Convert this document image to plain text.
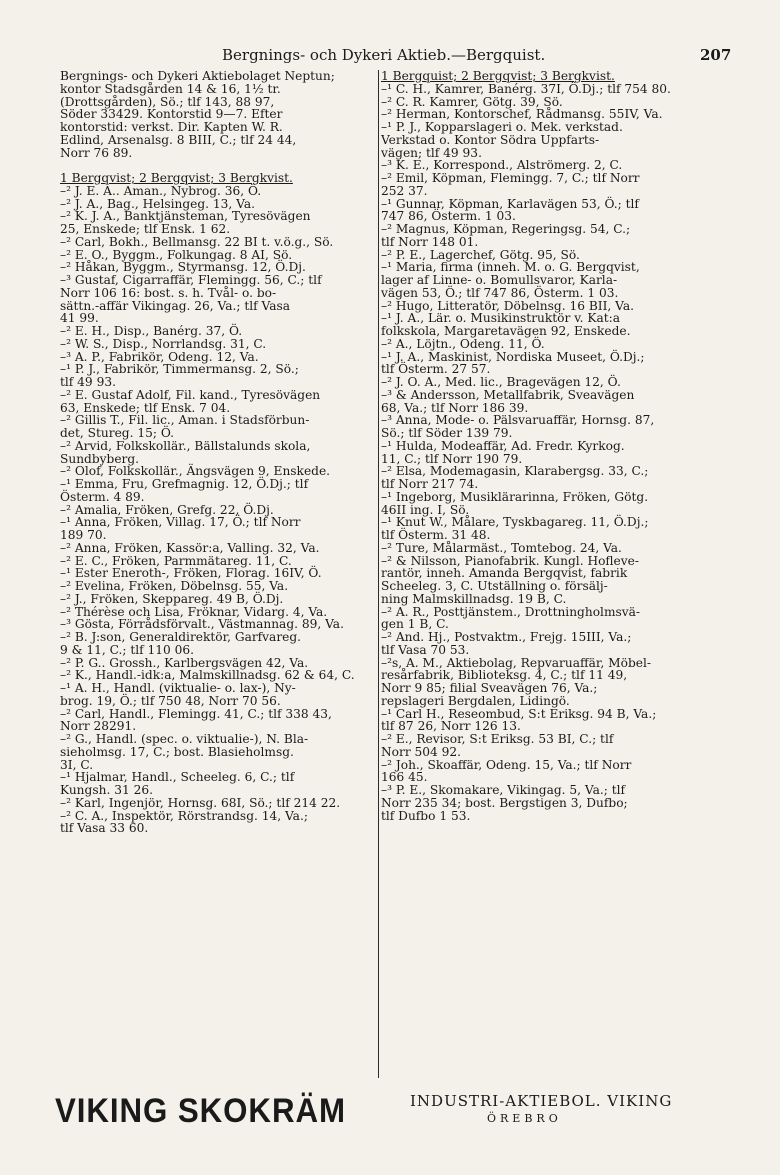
Bergnings- och Dykeri Aktieb.—Bergquist.	207
Bergnings- och Dykeri Aktiebolaget Neptun;
kontor Stadsgården 14 & 16, 1½ tr.
(Drottsgården), Sö.; tlf 143, 88 97,
Söder 33429. Kontorstid 9—7. Efter
kontorstid: verkst. Dir. Kapten W. R.
Edlind, Arsenalsg. 8 BIII, C.; tlf 24 44,
Norr 76 89.

1 Bergqvist; 2 Bergqvist; 3 Bergkvist.
–² J. E. A.. Aman., Nybrog. 36, Ö.
–² J. A., Bag., Helsingeg. 13, Va.
–² K. J. A., Banktjänsteman, Tyresövägen
25, Enskede; tlf Ensk. 1 62.
–² Carl, Bokh., Bellmansg. 22 BI t. v.ö.g., Sö.
–² E. O., Byggm., Folkungag. 8 AI, Sö.
–² Håkan, Byggm., Styrmansg. 12, Ö.Dj.
–³ Gustaf, Cigarraffär, Flemingg. 56, C.; tlf
Norr 106 16: bost. s. h. Tvål- o. bo-
sättn.-affär Vikingag. 26, Va.; tlf Vasa
41 99.
–² E. H., Disp., Banérg. 37, Ö.
–² W. S., Disp., Norrlandsg. 31, C.
–³ A. P., Fabrikör, Odeng. 12, Va.
–¹ P. J., Fabrikör, Timmermansg. 2, Sö.;
tlf 49 93.
–² E. Gustaf Adolf, Fil. kand., Tyresövägen
63, Enskede; tlf Ensk. 7 04.
–² Gillis T., Fil. lic., Aman. i Stadsförbun-
det, Stureg. 15; Ö.
–² Arvid, Folkskollär., Bällstalunds skola,
Sundbyberg.
–² Olof, Folkskollär., Ängsvägen 9, Enskede.
–¹ Emma, Fru, Grefmagnig. 12, Ö.Dj.; tlf
Österm. 4 89.
–² Amalia, Fröken, Grefg. 22, Ö.Dj.
–¹ Anna, Fröken, Villag. 17, Ö.; tlf Norr
189 70.
–² Anna, Fröken, Kassör:a, Valling. 32, Va.
–² E. C., Fröken, Parmmätareg. 11, C.
–¹ Ester Eneroth-, Fröken, Florag. 16IV, Ö.
–² Evelina, Fröken, Döbelnsg. 55, Va.
–² J., Fröken, Skeppareg. 49 B, Ö.Dj.
–² Thérèse och Lisa, Fröknar, Vidarg. 4, Va.
–³ Gösta, Förrådsförvalt., Västmannag. 89, Va.
–² B. J:son, Generaldirektör, Garfvareg.
9 & 11, C.; tlf 110 06.
–² P. G.. Grossh., Karlbergsvägen 42, Va.
–² K., Handl.-idk:a, Malmskillnadsg. 62 & 64, C.
–¹ A. H., Handl. (viktualie- o. lax-), Ny-
brog. 19, Ö.; tlf 750 48, Norr 70 56.
–² Carl, Handl., Flemingg. 41, C.; tlf 338 43,
Norr 28291.
–² G., Handl. (spec. o. viktualie-), N. Bla-
sieholmsg. 17, C.; bost. Blasieholmsg.
3I, C.
–¹ Hjalmar, Handl., Scheeleg. 6, C.; tlf
Kungsh. 31 26.
–² Karl, Ingenjör, Hornsg. 68I, Sö.; tlf 214 22.
–² C. A., Inspektör, Rörstrandsg. 14, Va.;
tlf Vasa 33 60.
1 Bergquist; 2 Bergqvist; 3 Bergkvist.
–¹ C. H., Kamrer, Banérg. 37I, Ö.Dj.; tlf 754 80.
–² C. R. Kamrer, Götg. 39, Sö.
–² Herman, Kontorschef, Rådmansg. 55IV, Va.
–¹ P. J., Kopparslageri o. Mek. verkstad.
Verkstad o. Kontor Södra Uppfarts-
vägen; tlf 49 93.
–³ K. E., Korrespond., Alströmerg. 2, C.
–² Emil, Köpman, Flemingg. 7, C.; tlf Norr
252 37.
–¹ Gunnar, Köpman, Karlavägen 53, Ö.; tlf
747 86, Österm. 1 03.
–² Magnus, Köpman, Regeringsg. 54, C.;
tlf Norr 148 01.
–² P. E., Lagerchef, Götg. 95, Sö.
–¹ Maria, firma (inneh. M. o. G. Bergqvist,
lager af Linne- o. Bomullsvaror, Karla-
vägen 53, Ö.; tlf 747 86, Österm. 1 03.
–² Hugo, Litteratör, Döbelnsg. 16 BII, Va.
–¹ J. A., Lär. o. Musikinstruktör v. Kat:a
folkskola, Margaretavägen 92, Enskede.
–² A., Löjtn., Odeng. 11, Ö.
–¹ J. A., Maskinist, Nordiska Museet, Ö.Dj.;
tlf Österm. 27 57.
–² J. O. A., Med. lic., Bragevägen 12, Ö.
–³ & Andersson, Metallfabrik, Sveavägen
68, Va.; tlf Norr 186 39.
–³ Anna, Mode- o. Pälsvaruaffär, Hornsg. 87,
Sö.; tlf Söder 139 79.
–¹ Hulda, Modeaffär, Ad. Fredr. Kyrkog.
11, C.; tlf Norr 190 79.
–² Elsa, Modemagasin, Klarabergsg. 33, C.;
tlf Norr 217 74.
–¹ Ingeborg, Musiklärarinna, Fröken, Götg.
46II ing. I, Sö.
–¹ Knut W., Målare, Tyskbagareg. 11, Ö.Dj.;
tlf Österm. 31 48.
–² Ture, Målarmäst., Tomtebog. 24, Va.
–² & Nilsson, Pianofabrik. Kungl. Hofleve-
rantör, inneh. Amanda Bergqvist, fabrik
Scheeleg. 3, C. Utställning o. försälj-
ning Malmskillnadsg. 19 B, C.
–² A. R., Posttjänstem., Drottningholmsvä-
gen 1 B, C.
–² And. Hj., Postvaktm., Frejg. 15III, Va.;
tlf Vasa 70 53.
–²s, A. M., Aktiebolag, Repvaruaffär, Möbel-
resårfabrik, Biblioteksg. 4, C.; tlf 11 49,
Norr 9 85; filial Sveavägen 76, Va.;
repslageri Bergdalen, Lidingö.
–¹ Carl H., Reseombud, S:t Eriksg. 94 B, Va.;
tlf 87 26, Norr 126 13.
–² E., Revisor, S:t Eriksg. 53 BI, C.; tlf
Norr 504 92.
–² Joh., Skoaffär, Odeng. 15, Va.; tlf Norr
166 45.
–³ P. E., Skomakare, Vikingag. 5, Va.; tlf
Norr 235 34; bost. Bergstigen 3, Dufbo;
tlf Dufbo 1 53.
VIKING SKOKRÄM	INDUSTRI-AKTIEBOL. VIKING
ÖREBRO
